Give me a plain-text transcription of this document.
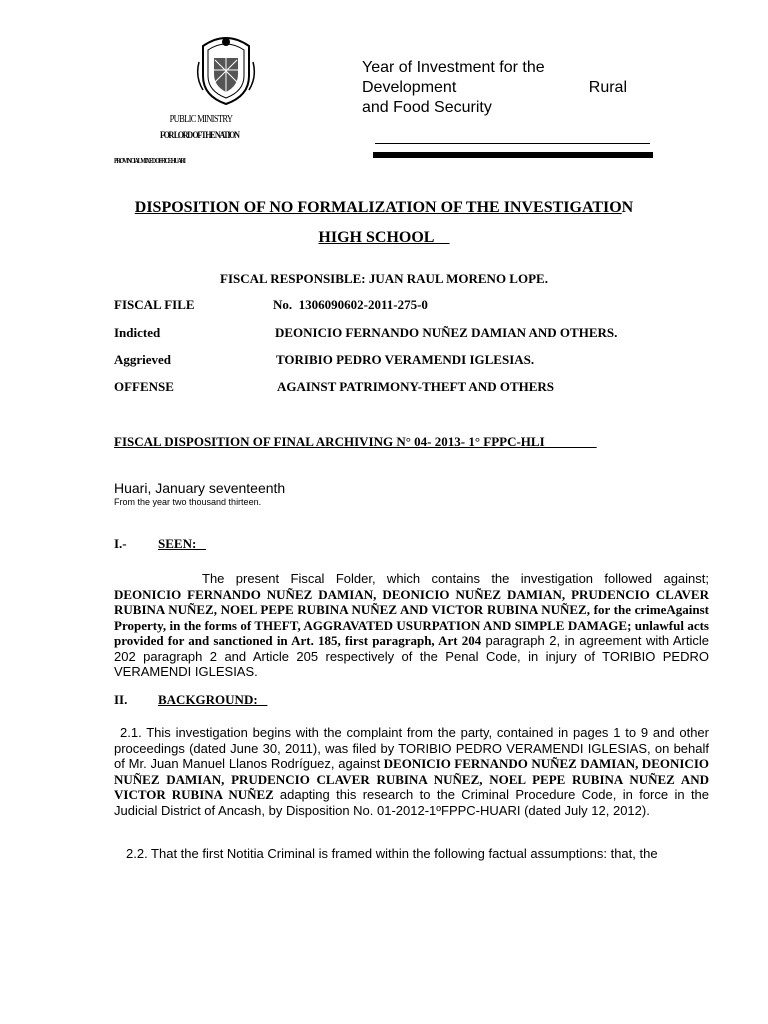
PUBLIC MINISTRY
FOR LORD OF THE NATION
PROVINCIAL MIXED OFFICE HUARI
Year of Investment for the
Development	Rural
and Food Security
DISPOSITION OF NO FORMALIZATION OF THE INVESTIGATION
HIGH SCHOOL
FISCAL RESPONSIBLE: JUAN RAUL MORENO LOPE.
FISCAL FILE	No.  1306090602-2011-275-0
Indicted	DEONICIO FERNANDO NUÑEZ DAMIAN AND OTHERS.
Aggrieved	TORIBIO PEDRO VERAMENDI IGLESIAS.
OFFENSE	AGAINST PATRIMONY-THEFT AND OTHERS
FISCAL DISPOSITION OF FINAL ARCHIVING N° 04- 2013- 1° FPPC-HLI
Huari, January seventeenth
From the year two thousand thirteen.
I.- SEEN:
The present Fiscal Folder, which contains the investigation followed against; DEONICIO FERNANDO NUÑEZ DAMIAN, DEONICIO NUÑEZ DAMIAN, PRUDENCIO CLAVER RUBINA NUÑEZ, NOEL PEPE RUBINA NUÑEZ AND VICTOR RUBINA NUÑEZ, for the crimeAgainst Property, in the forms of THEFT, AGGRAVATED USURPATION AND SIMPLE DAMAGE; unlawful acts provided for and sanctioned in Art. 185, first paragraph, Art 204 paragraph 2, in agreement with Article 202 paragraph 2 and Article 205 respectively of the Penal Code, in injury of TORIBIO PEDRO VERAMENDI IGLESIAS.
II. BACKGROUND:
2.1. This investigation begins with the complaint from the party, contained in pages 1 to 9 and other proceedings (dated June 30, 2011), was filed by TORIBIO PEDRO VERAMENDI IGLESIAS, on behalf of Mr. Juan Manuel Llanos Rodríguez, against DEONICIO FERNANDO NUÑEZ DAMIAN, DEONICIO NUÑEZ DAMIAN, PRUDENCIO CLAVER RUBINA NUÑEZ, NOEL PEPE RUBINA NUÑEZ AND VICTOR RUBINA NUÑEZ adapting this research to the Criminal Procedure Code, in force in the Judicial District of Ancash, by Disposition No. 01-2012-1ºFPPC-HUARI (dated July 12, 2012).
2.2. That the first Notitia Criminal is framed within the following factual assumptions: that, the
